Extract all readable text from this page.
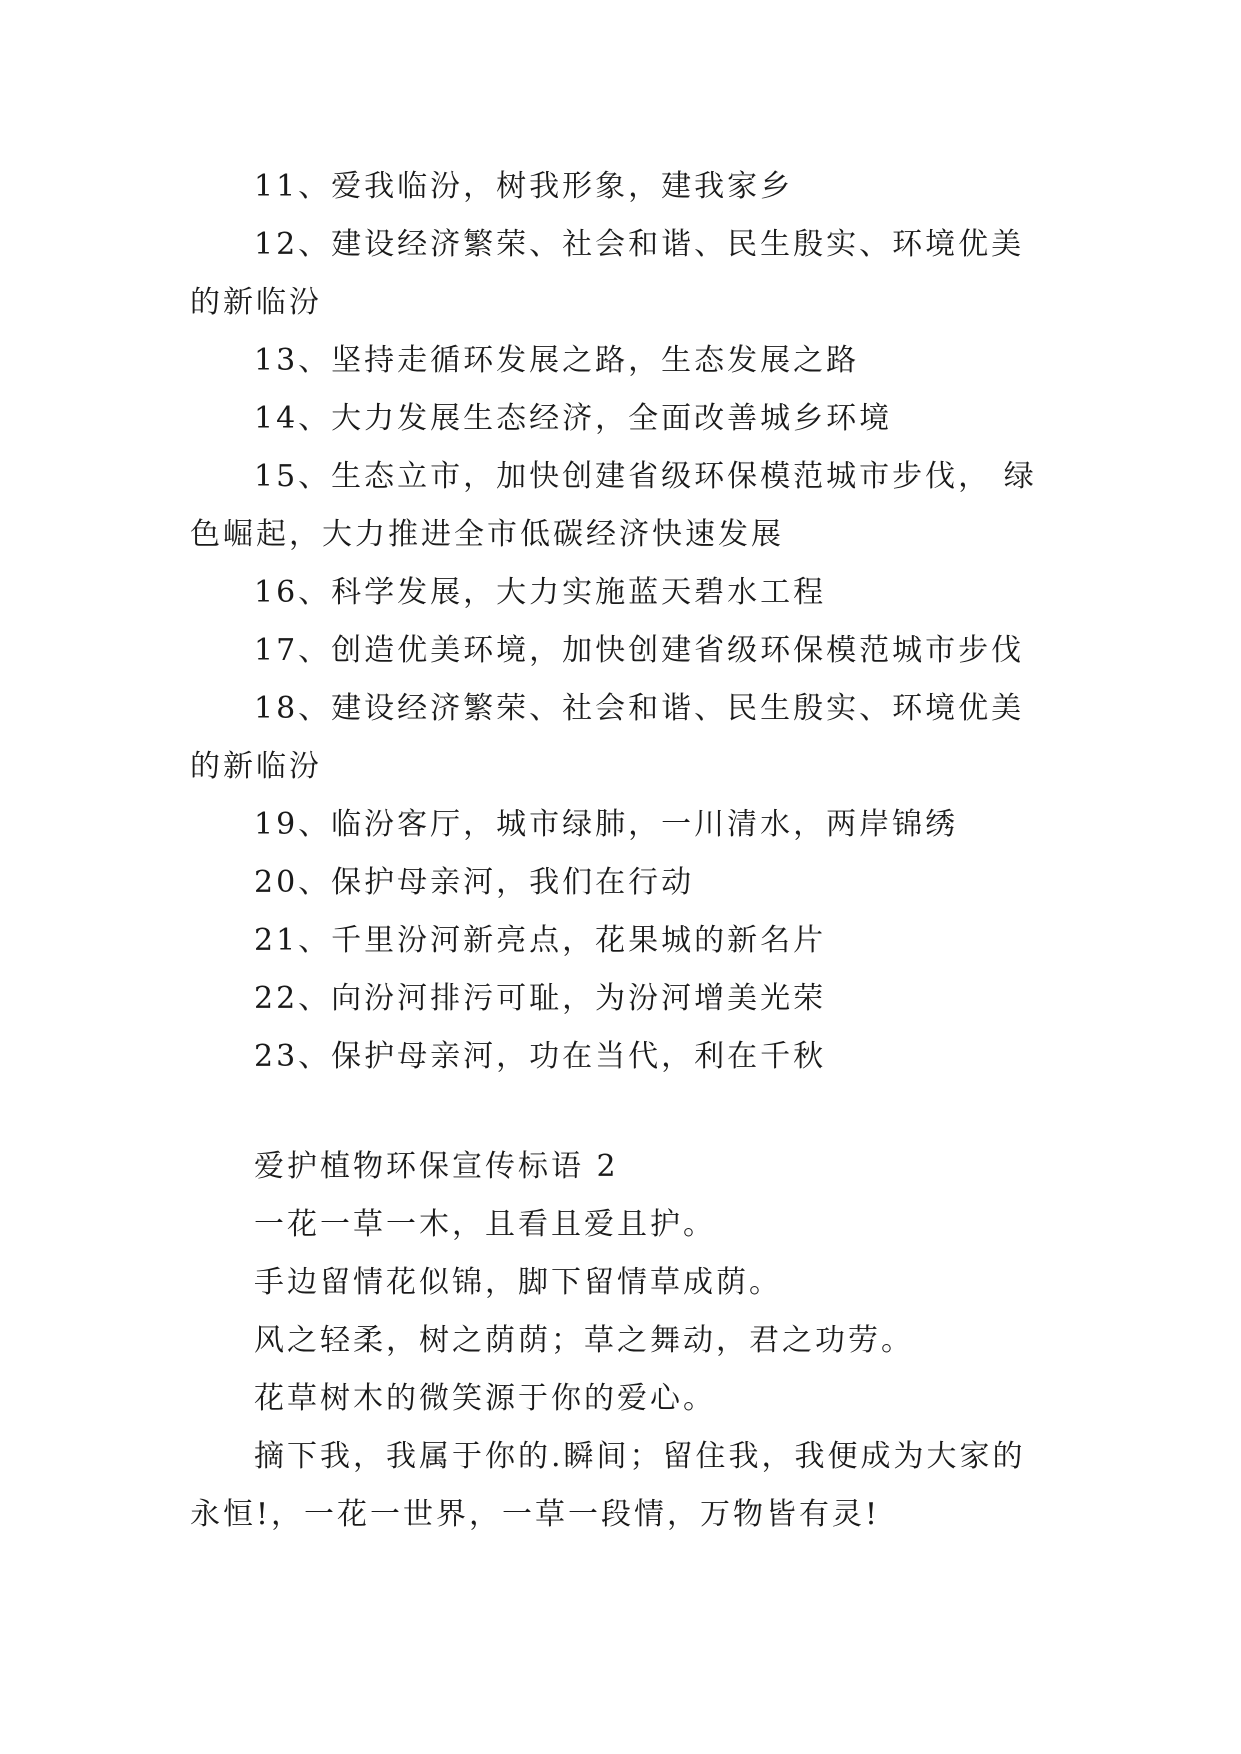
11、爱我临汾，树我形象，建我家乡

12、建设经济繁荣、社会和谐、民生殷实、环境优美的新临汾

13、坚持走循环发展之路，生态发展之路

14、大力发展生态经济，全面改善城乡环境

15、生态立市，加快创建省级环保模范城市步伐， 绿色崛起，大力推进全市低碳经济快速发展

16、科学发展，大力实施蓝天碧水工程

17、创造优美环境，加快创建省级环保模范城市步伐

18、建设经济繁荣、社会和谐、民生殷实、环境优美的新临汾

19、临汾客厅，城市绿肺，一川清水，两岸锦绣

20、保护母亲河，我们在行动

21、千里汾河新亮点，花果城的新名片

22、向汾河排污可耻，为汾河增美光荣

23、保护母亲河，功在当代，利在千秋

爱护植物环保宣传标语 2

一花一草一木，且看且爱且护。

手边留情花似锦，脚下留情草成荫。

风之轻柔，树之荫荫；草之舞动，君之功劳。

花草树木的微笑源于你的爱心。

摘下我，我属于你的.瞬间；留住我，我便成为大家的永恒!，一花一世界，一草一段情，万物皆有灵!
